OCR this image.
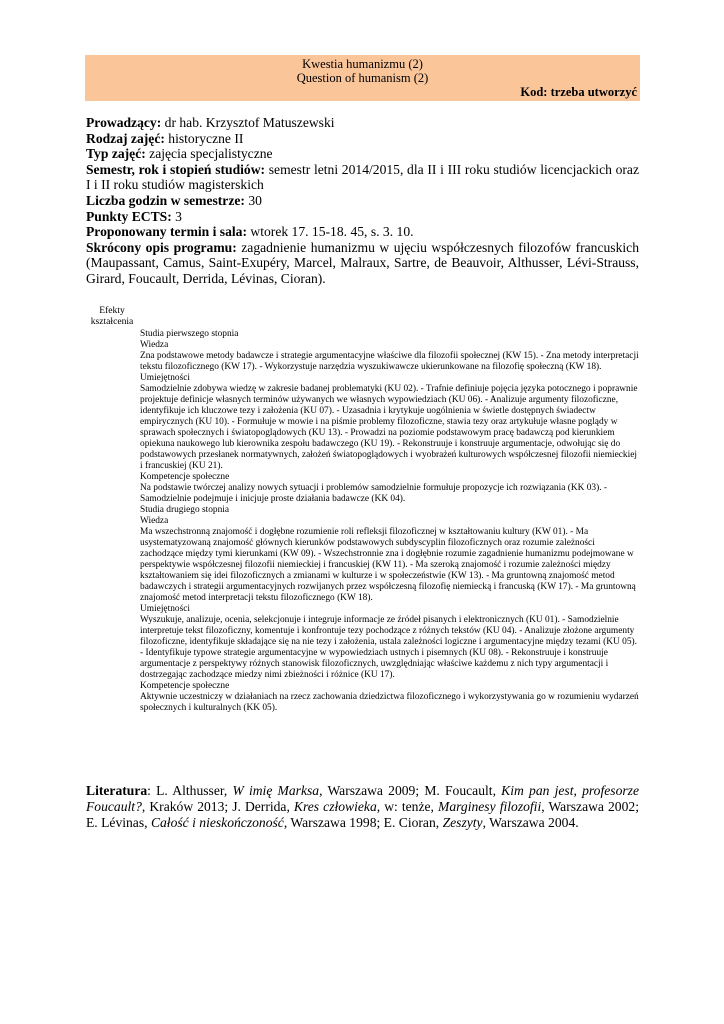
Kwestia humanizmu (2)
Question of humanism (2)
Kod: trzeba utworzyć

Prowadzący: dr hab. Krzysztof Matuszewski

Rodzaj zajęć: historyczne II

Typ zajęć: zajęcia specjalistyczne

Semestr, rok i stopień studiów: semestr letni 2014/2015, dla II i III roku studiów licencjackich oraz I i II roku studiów magisterskich

Liczba godzin w semestrze: 30

Punkty ECTS: 3

Proponowany termin i sala: wtorek 17. 15-18. 45, s. 3. 10.

Skrócony opis programu: zagadnienie humanizmu w ujęciu współczesnych filozofów francuskich (Maupassant, Camus, Saint-Exupéry, Marcel, Malraux, Sartre, de Beauvoir, Althusser, Lévi-Strauss, Girard, Foucault, Derrida, Lévinas, Cioran).

Efekty
kształcenia

Studia pierwszego stopnia

Wiedza

Zna podstawowe metody badawcze i strategie argumentacyjne właściwe dla filozofii społecznej (KW 15). - Zna metody interpretacji tekstu filozoficznego (KW 17). - Wykorzystuje narzędzia wyszukiwawcze ukierunkowane na filozofię społeczną (KW 18).

Umiejętności

Samodzielnie zdobywa wiedzę w zakresie badanej problematyki (KU 02). - Trafnie definiuje pojęcia języka potocznego i poprawnie projektuje definicje własnych terminów używanych we własnych wypowiedziach (KU 06). - Analizuje argumenty filozoficzne, identyfikuje ich kluczowe tezy i założenia (KU 07). - Uzasadnia i krytykuje uogólnienia w świetle dostępnych świadectw empirycznych (KU 10). - Formułuje w mowie i na piśmie problemy filozoficzne, stawia tezy oraz artykułuje własne poglądy w sprawach społecznych i światopoglądowych (KU 13). - Prowadzi na poziomie podstawowym pracę badawczą pod kierunkiem opiekuna naukowego lub kierownika zespołu badawczego (KU 19). - Rekonstruuje i konstruuje argumentacje, odwołując się do podstawowych przesłanek normatywnych, założeń światopoglądowych i wyobrażeń kulturowych współczesnej filozofii niemieckiej i francuskiej (KU 21).

Kompetencje społeczne

Na podstawie twórczej analizy nowych sytuacji i problemów samodzielnie formułuje propozycje ich rozwiązania (KK 03). - Samodzielnie podejmuje i inicjuje proste działania badawcze (KK 04).

Studia drugiego stopnia

Wiedza

Ma wszechstronną znajomość i dogłębne rozumienie roli refleksji filozoficznej w kształtowaniu kultury (KW 01). - Ma usystematyzowaną znajomość głównych kierunków podstawowych subdyscyplin filozoficznych oraz rozumie zależności zachodzące między tymi kierunkami (KW 09). - Wszechstronnie zna i dogłębnie rozumie zagadnienie humanizmu podejmowane w perspektywie współczesnej filozofii niemieckiej i francuskiej (KW 11). - Ma szeroką znajomość i rozumie zależności między kształtowaniem się idei filozoficznych a zmianami w kulturze i w społeczeństwie (KW 13). - Ma gruntowną znajomość metod badawczych i strategii argumentacyjnych rozwijanych przez współczesną filozofię niemiecką i francuską (KW 17). - Ma gruntowną znajomość metod interpretacji tekstu filozoficznego (KW 18).

Umiejętności

Wyszukuje, analizuje, ocenia, selekcjonuje i integruje informacje ze źródeł pisanych i elektronicznych (KU 01). - Samodzielnie interpretuje tekst filozoficzny, komentuje i konfrontuje tezy pochodzące z różnych tekstów (KU 04). - Analizuje złożone argumenty filozoficzne, identyfikuje składające się na nie tezy i założenia, ustala zależności logiczne i argumentacyjne między tezami (KU 05). - Identyfikuje typowe strategie argumentacyjne w wypowiedziach ustnych i pisemnych (KU 08). - Rekonstruuje i konstruuje argumentacje z perspektywy różnych stanowisk filozoficznych, uwzględniając właściwe każdemu z nich typy argumentacji i dostrzegając zachodzące miedzy nimi zbieżności i różnice (KU 17).

Kompetencje społeczne

Aktywnie uczestniczy w działaniach na rzecz zachowania dziedzictwa filozoficznego i wykorzystywania go w rozumieniu wydarzeń społecznych i kulturalnych (KK 05).

Literatura: L. Althusser, W imię Marksa, Warszawa 2009; M. Foucault, Kim pan jest, profesorze Foucault?, Kraków 2013; J. Derrida, Kres człowieka, w: tenże, Marginesy filozofii, Warszawa 2002; E. Lévinas, Całość i nieskończoność, Warszawa 1998; E. Cioran, Zeszyty, Warszawa 2004.
